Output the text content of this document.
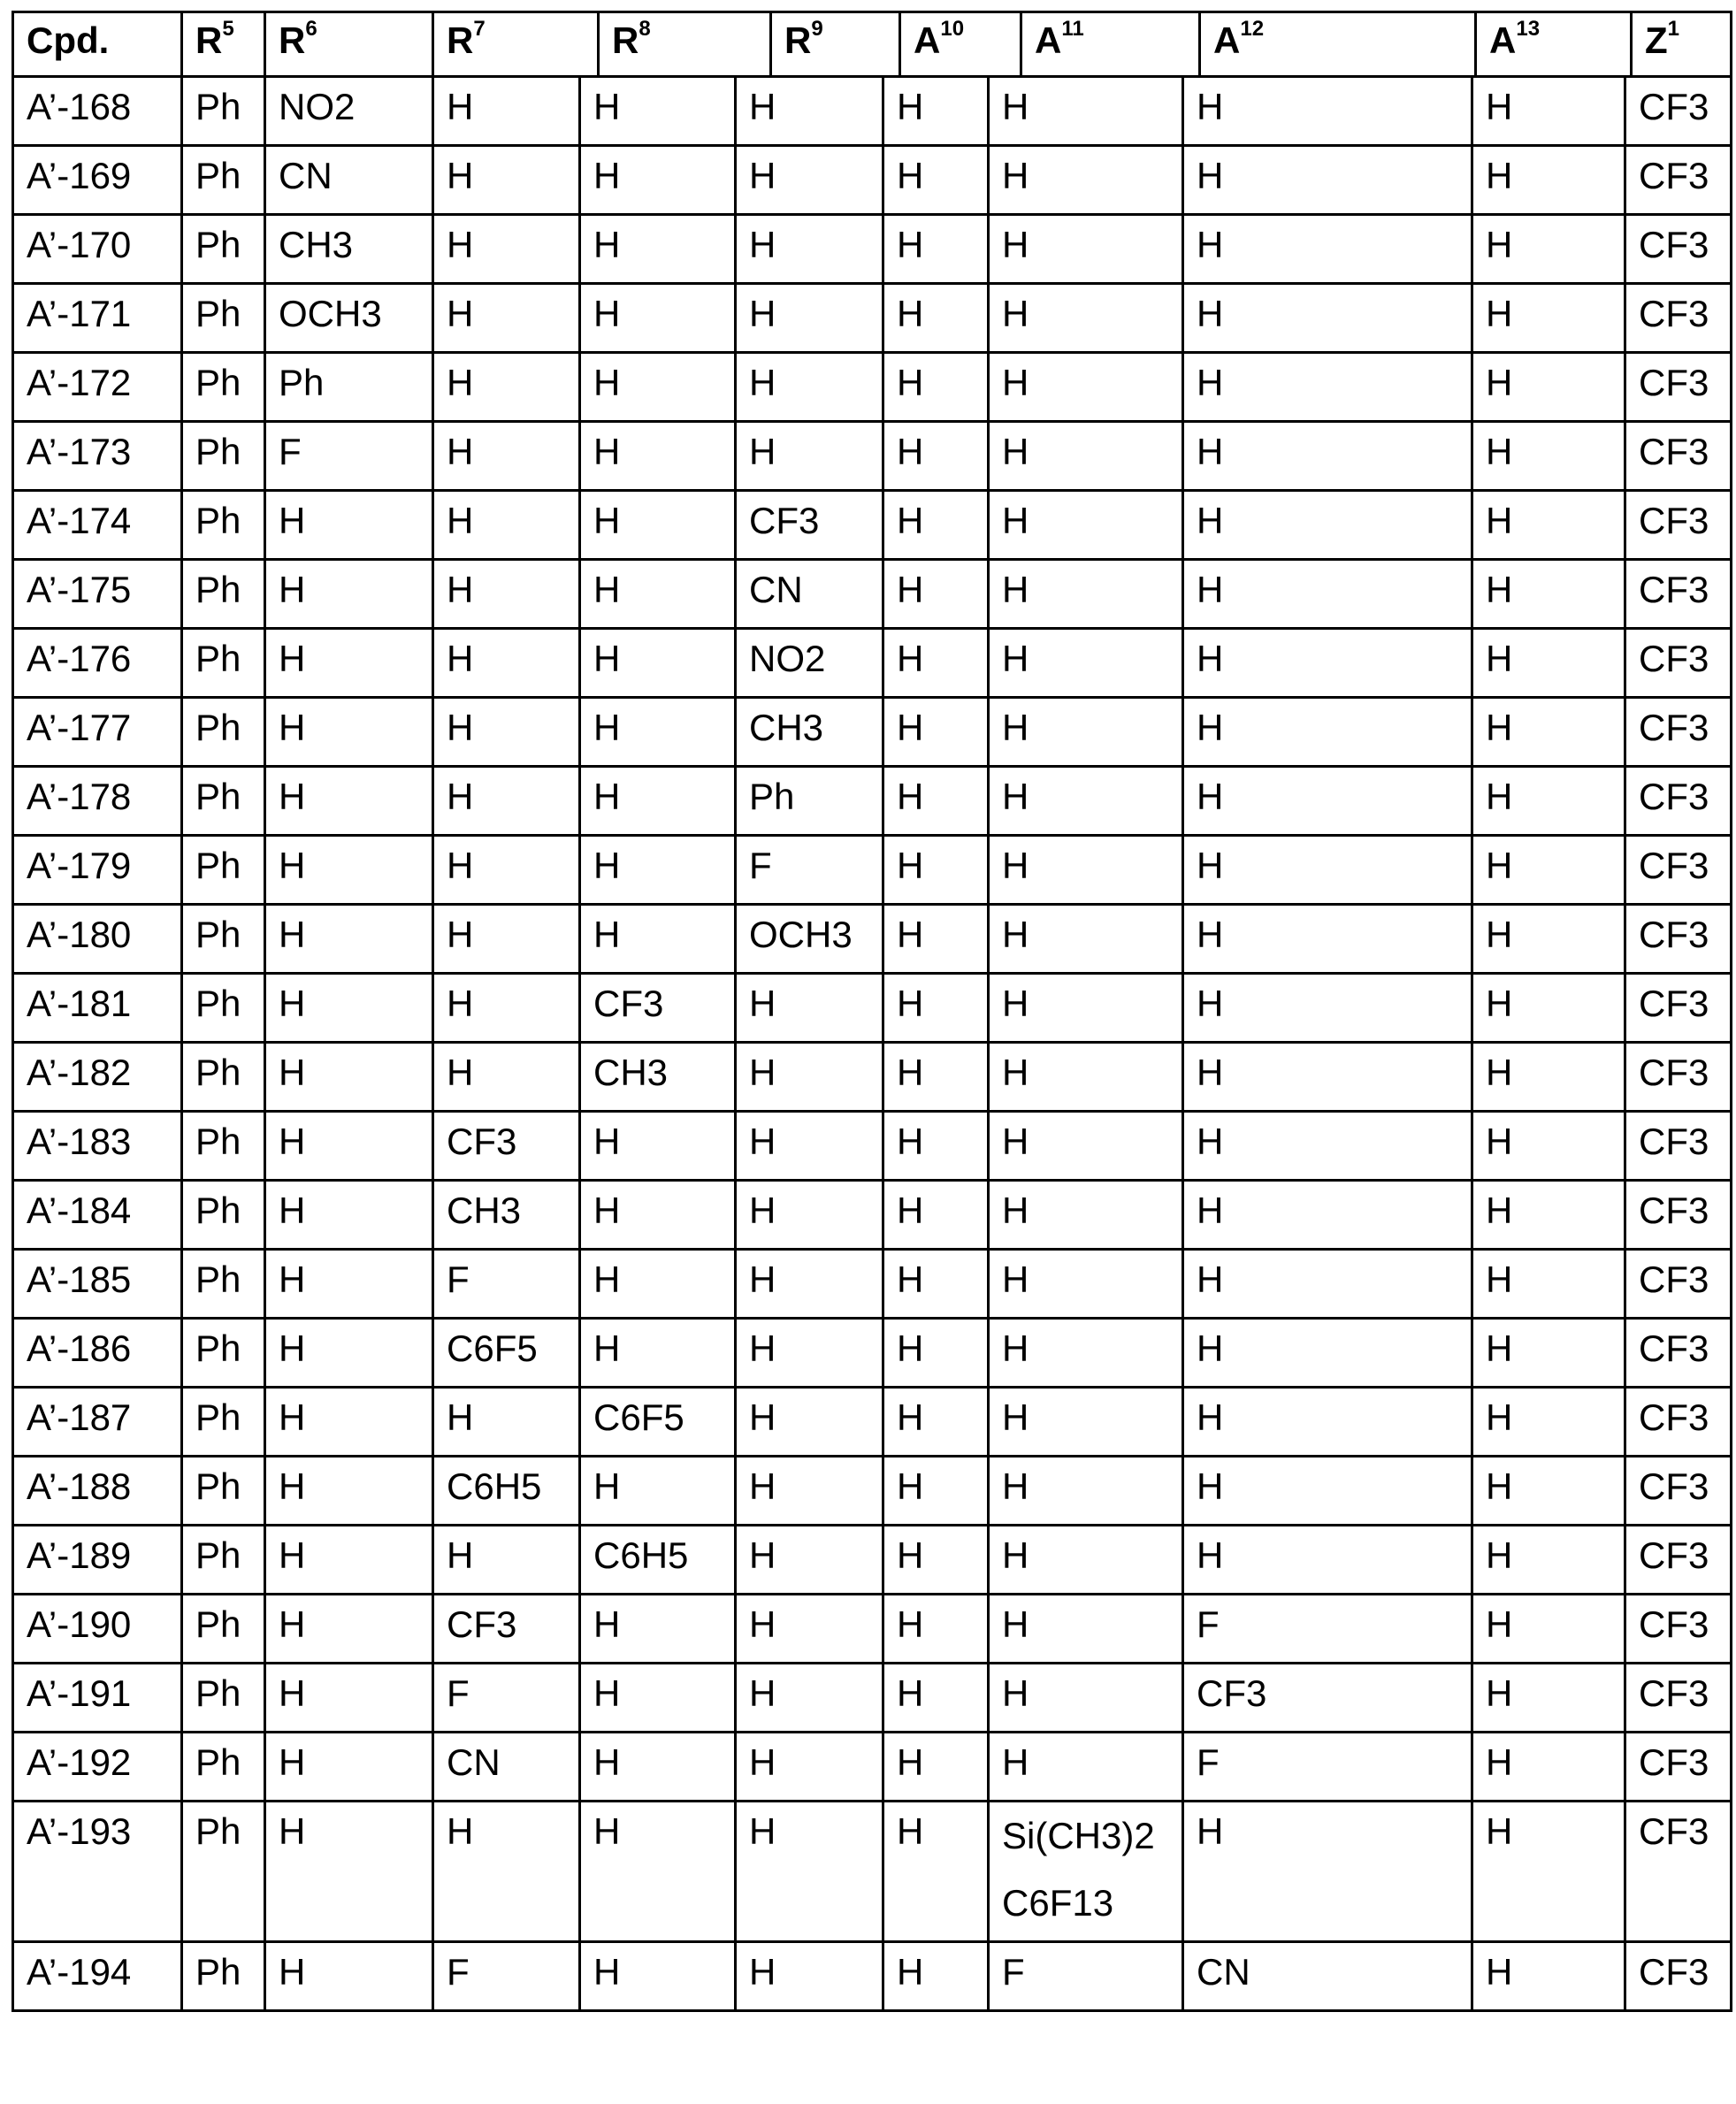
Cpd.	R5	R6	R7	R8	R9	A10	A11	A12	A13	Z1
A’-168	Ph	NO2	H	H	H	H	H	H	H	CF3
A’-169	Ph	CN	H	H	H	H	H	H	H	CF3
A’-170	Ph	CH3	H	H	H	H	H	H	H	CF3
A’-171	Ph	OCH3	H	H	H	H	H	H	H	CF3
A’-172	Ph	Ph	H	H	H	H	H	H	H	CF3
A’-173	Ph	F	H	H	H	H	H	H	H	CF3
A’-174	Ph	H	H	H	CF3	H	H	H	H	CF3
A’-175	Ph	H	H	H	CN	H	H	H	H	CF3
A’-176	Ph	H	H	H	NO2	H	H	H	H	CF3
A’-177	Ph	H	H	H	CH3	H	H	H	H	CF3
A’-178	Ph	H	H	H	Ph	H	H	H	H	CF3
A’-179	Ph	H	H	H	F	H	H	H	H	CF3
A’-180	Ph	H	H	H	OCH3	H	H	H	H	CF3
A’-181	Ph	H	H	CF3	H	H	H	H	H	CF3
A’-182	Ph	H	H	CH3	H	H	H	H	H	CF3
A’-183	Ph	H	CF3	H	H	H	H	H	H	CF3
A’-184	Ph	H	CH3	H	H	H	H	H	H	CF3
A’-185	Ph	H	F	H	H	H	H	H	H	CF3
A’-186	Ph	H	C6F5	H	H	H	H	H	H	CF3
A’-187	Ph	H	H	C6F5	H	H	H	H	H	CF3
A’-188	Ph	H	C6H5	H	H	H	H	H	H	CF3
A’-189	Ph	H	H	C6H5	H	H	H	H	H	CF3
A’-190	Ph	H	CF3	H	H	H	H	F	H	CF3
A’-191	Ph	H	F	H	H	H	H	CF3	H	CF3
A’-192	Ph	H	CN	H	H	H	H	F	H	CF3
A’-193	Ph	H	H	H	H	H	Si(CH3)2 C6F13	H	H	CF3
A’-194	Ph	H	F	H	H	H	F	CN	H	CF3
